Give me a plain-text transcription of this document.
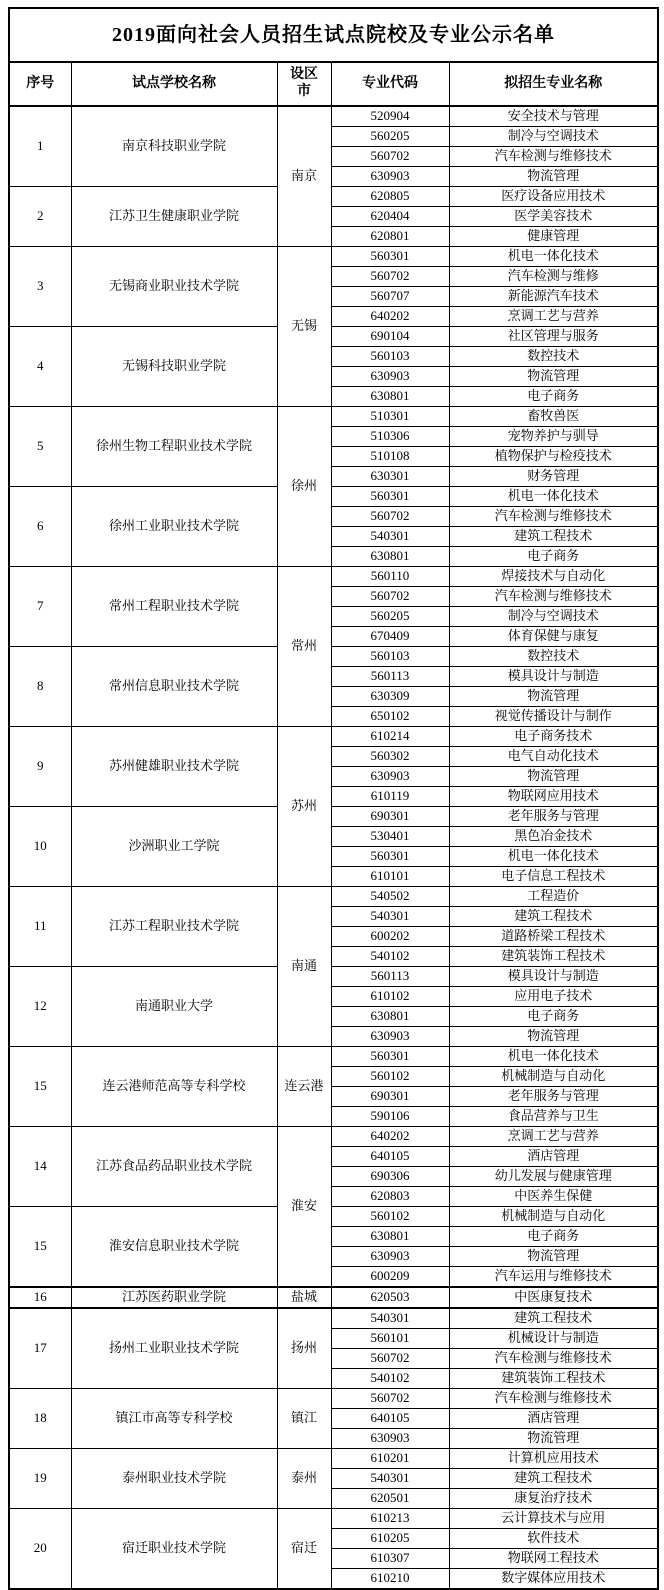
2019面向社会人员招生试点院校及专业公示名单				
序号	试点学校名称	设区市	专业代码	拟招生专业名称
1	南京科技职业学院	南京	520904	安全技术与管理
			560205	制冷与空调技术
			560702	汽车检测与维修技术
			630903	物流管理
2	江苏卫生健康职业学院		620805	医疗设备应用技术
			620404	医学美容技术
			620801	健康管理
3	无锡商业职业技术学院	无锡	560301	机电一体化技术
			560702	汽车检测与维修
			560707	新能源汽车技术
			640202	烹调工艺与营养
4	无锡科技职业学院		690104	社区管理与服务
			560103	数控技术
			630903	物流管理
			630801	电子商务
5	徐州生物工程职业技术学院	徐州	510301	畜牧兽医
			510306	宠物养护与驯导
			510108	植物保护与检疫技术
			630301	财务管理
6	徐州工业职业技术学院		560301	机电一体化技术
			560702	汽车检测与维修技术
			540301	建筑工程技术
			630801	电子商务
7	常州工程职业技术学院	常州	560110	焊接技术与自动化
			560702	汽车检测与维修技术
			560205	制冷与空调技术
			670409	体育保健与康复
8	常州信息职业技术学院		560103	数控技术
			560113	模具设计与制造
			630309	物流管理
			650102	视觉传播设计与制作
9	苏州健雄职业技术学院	苏州	610214	电子商务技术
			560302	电气自动化技术
			630903	物流管理
			610119	物联网应用技术
10	沙洲职业工学院		690301	老年服务与管理
			530401	黑色冶金技术
			560301	机电一体化技术
			610101	电子信息工程技术
11	江苏工程职业技术学院	南通	540502	工程造价
			540301	建筑工程技术
			600202	道路桥梁工程技术
			540102	建筑装饰工程技术
12	南通职业大学		560113	模具设计与制造
			610102	应用电子技术
			630801	电子商务
			630903	物流管理
15	连云港师范高等专科学校	连云港	560301	机电一体化技术
			560102	机械制造与自动化
			690301	老年服务与管理
			590106	食品营养与卫生
14	江苏食品药品职业技术学院	淮安	640202	烹调工艺与营养
			640105	酒店管理
			690306	幼儿发展与健康管理
			620803	中医养生保健
15	淮安信息职业技术学院		560102	机械制造与自动化
			630801	电子商务
			630903	物流管理
			600209	汽车运用与维修技术
16	江苏医药职业学院	盐城	620503	中医康复技术
17	扬州工业职业技术学院	扬州	540301	建筑工程技术
			560101	机械设计与制造
			560702	汽车检测与维修技术
			540102	建筑装饰工程技术
18	镇江市高等专科学校	镇江	560702	汽车检测与维修技术
			640105	酒店管理
			630903	物流管理
19	泰州职业技术学院	泰州	610201	计算机应用技术
			540301	建筑工程技术
			620501	康复治疗技术
20	宿迁职业技术学院	宿迁	610213	云计算技术与应用
			610205	软件技术
			610307	物联网工程技术
			610210	数字媒体应用技术
